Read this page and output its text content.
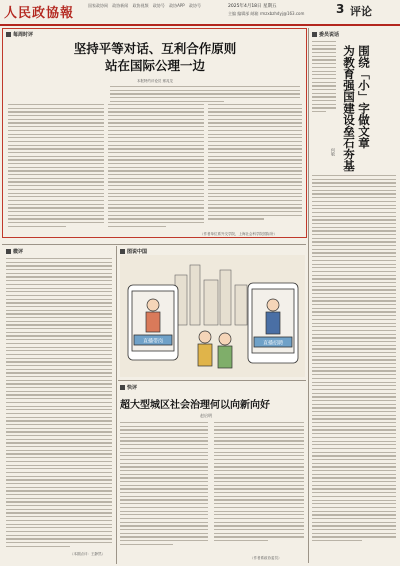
人民政協報
国家政协网 政协新闻 政协视频 政协号 政协APP 政协号	2025年4月18日 星期五
主编 编辑部 邮箱 rmzxbzhdyj@163.com	3 评论
每周时评
坚持平等对话、互利合作原则
站在国际公理一边
本报特约评论员 邢兆龙
（作者单位系外交学院，上海社会科学院国际所）
委员说话
围绕「小」字做文章
为教育强国建设垒石夯基
何敏
微评
（本期点评：王静然）
图说中国
直播带岗	直播招聘
快评
超大型城区社会治理何以向新向好
赵启明
（作者系政协委员）
